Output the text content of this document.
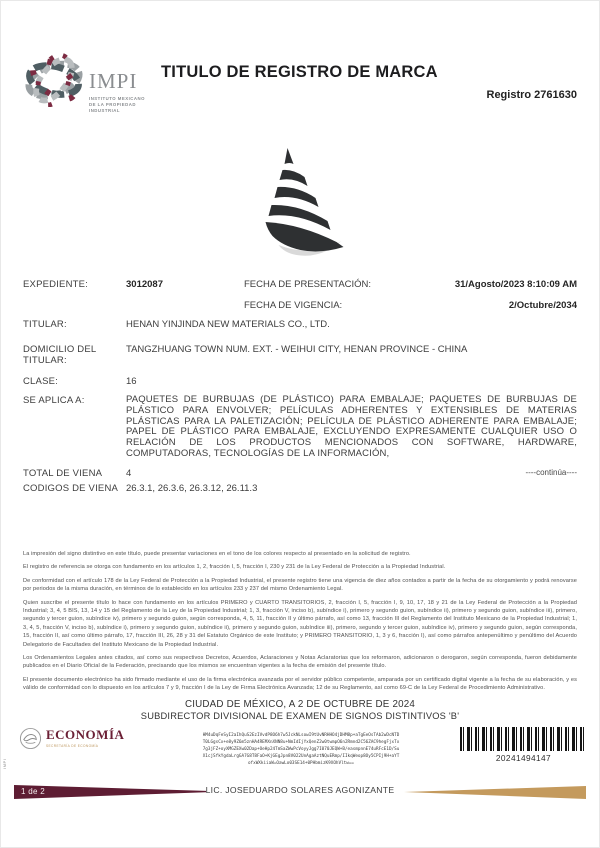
IMPI
INSTITUTO MEXICANO
DE LA PROPIEDAD
INDUSTRIAL
TITULO DE REGISTRO DE MARCA
Registro 2761630
EXPEDIENTE:	3012087	FECHA DE PRESENTACIÓN:	31/Agosto/2023 8:10:09 AM
FECHA DE VIGENCIA:	2/Octubre/2034
TITULAR:	HENAN YINJINDA NEW MATERIALS CO., LTD.
DOMICILIO DEL TITULAR:
TANGZHUANG TOWN NUM. EXT. - WEIHUI CITY, HENAN PROVINCE - CHINA
CLASE:	16
SE APLICA A:	PAQUETES DE BURBUJAS (DE PLÁSTICO) PARA EMBALAJE; PAQUETES DE BURBUJAS DE PLÁSTICO PARA ENVOLVER; PELÍCULAS ADHERENTES Y EXTENSIBLES DE MATERIAS PLÁSTICAS PARA LA PALETIZACIÓN; PELÍCULA DE PLÁSTICO ADHERENTE PARA EMBALAJE; PAPEL DE PLÁSTICO PARA EMBALAJE, EXCLUYENDO EXPRESAMENTE CUALQUIER USO O RELACIÓN DE LOS PRODUCTOS MENCIONADOS CON SOFTWARE, HARDWARE, COMPUTADORAS, TECNOLOGÍAS DE LA INFORMACIÓN,
TOTAL DE VIENA	4	----continúa----
CODIGOS DE VIENA 26.3.1, 26.3.6, 26.3.12, 26.11.3

La impresión del signo distintivo en este título, puede presentar variaciones en el tono de los colores respecto al presentado en la solicitud de registro.

El registro de referencia se otorga con fundamento en los artículos 1, 2, fracción I, 5, fracción I, 230 y 231 de la Ley Federal de Protección a la Propiedad Industrial.

De conformidad con el artículo 178 de la Ley Federal de Protección a la Propiedad Industrial, el presente registro tiene una vigencia de diez años contados a partir de la fecha de su otorgamiento y podrá renovarse por periodos de la misma duración, en términos de lo establecido en los artículos 233 y 237 del mismo Ordenamiento Legal.

Quien suscribe el presente título lo hace con fundamento en los artículos PRIMERO y CUARTO TRANSITORIOS, 2, fracción I, 5, fracción I, 9, 10, 17, 18 y 21 de la Ley Federal de Protección a la Propiedad Industrial; 3, 4, 5 BIS, 13, 14 y 15 del Reglamento de la Ley de la Propiedad Industrial; 1, 3, fracción V, inciso b), subíndice i), primero y segundo guion, subíndice ii), primero y segundo guion, subíndice iii), primero, segundo y tercer guion, subíndice iv), primero y segundo guion, según corresponda, 4, 5, 11, fracción II y último párrafo, así como 13, fracción III del Reglamento del Instituto Mexicano de la Propiedad Industrial; 1, 3, 4, 5, fracción V, inciso b), subíndice i), primero y segundo guion, subíndice ii), primero y segundo guion, subíndice iii), primero, segundo y tercer guion, subíndice iv), primero y segundo guion, según corresponda, 15, fracción II, así como último párrafo, 17, fracción III, 26, 28 y 31 del Estatuto Orgánico de este Instituto; y PRIMERO TRANSITORIO, 1, 3 y 6, fracción I), así como párrafos antepenúltimo y penúltimo del Acuerdo Delegatorio de Facultades del Instituto Mexicano de la Propiedad Industrial.

Los Ordenamientos Legales antes citados, así como sus respectivos Decretos, Acuerdos, Aclaraciones y Notas Aclaratorias que los reformaron, adicionaron o derogaron, según corresponda, fueron debidamente publicados en el Diario Oficial de la Federación, precisando que los mismos se encuentran vigentes a la fecha de emisión del presente título.

El presente documento electrónico ha sido firmado mediante el uso de la firma electrónica avanzada por el servidor público competente, amparada por un certificado digital vigente a la fecha de su elaboración, y es válido de conformidad con lo dispuesto en los artículos 7 y 9, fracción I de la Ley de Firma Electrónica Avanzada; 12 de su Reglamento, así como 69-C de la Ley Federal de Procedimiento Administrativo.

CIUDAD DE MÉXICO, A 2 DE OCTUBRE DE 2024
SUBDIRECTOR DIVISIONAL DE EXAMEN DE SIGNOS DISTINTIVOS 'B'
ECONOMÍA
SECRETARÍA DE ECONOMÍA
HM4uDqFeSyI2aIhQuS2EzIVvdP8O6h7w5JckNLsowI9tUvNRHHO4jDHM8p+aTgEeOsTAb2wDcNTD
T0LGgsCx+e8y9Z6m5znHA4REMXnXNN8u+NmIdIjYxQenZ2w0twmpO6n2Rmnd2C56ZAC9hegFjxTx
7g3jFZ+oyXMGZEXw02Dap+OeHp24TmSaZWwPcVoyyJgg7I070JEQW+B/easmpnnE74uRFcE1D/Su
X1cjSfkYgdaLrgGA7G8T8FaO+KjGEgJpn8V022UnAgaAztNQuERmp/IIkqWeop8Oy5CPIj9H+aYT
ofxWXkiiaW=OawLo03SE14+0PHbmizK9XOhVltw==
20241494147
IMPI
1 de 2	LIC. JOSEDUARDO SOLARES AGONIZANTE
